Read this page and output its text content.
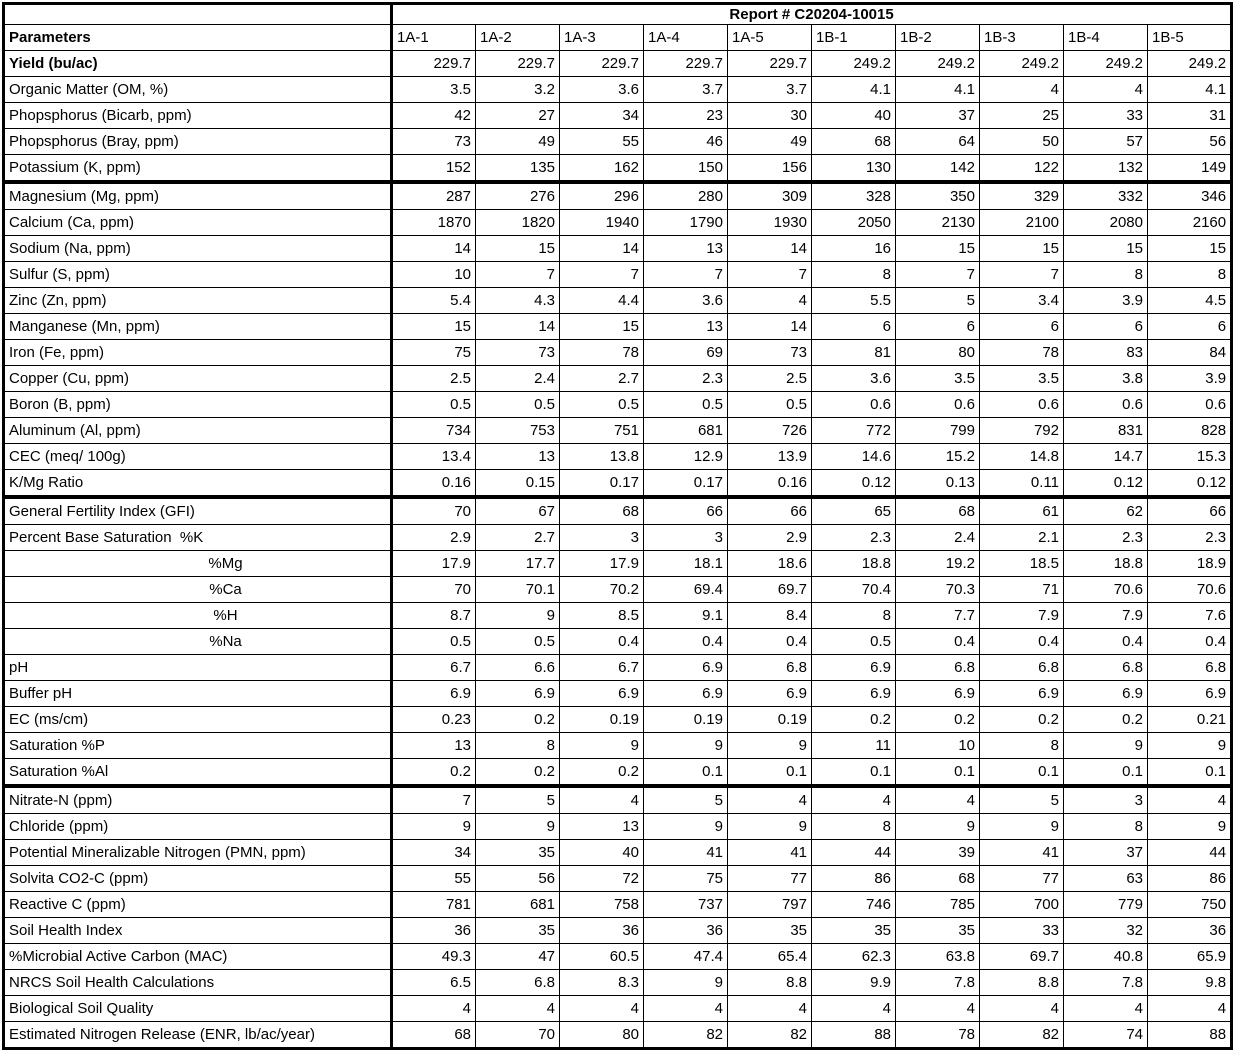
	Report # C20204-10015									
Parameters	1A-1	1A-2	1A-3	1A-4	1A-5	1B-1	1B-2	1B-3	1B-4	1B-5
Yield (bu/ac)	229.7	229.7	229.7	229.7	229.7	249.2	249.2	249.2	249.2	249.2
Organic Matter (OM, %)	3.5	3.2	3.6	3.7	3.7	4.1	4.1	4	4	4.1
Phopsphorus (Bicarb, ppm)	42	27	34	23	30	40	37	25	33	31
Phopsphorus (Bray, ppm)	73	49	55	46	49	68	64	50	57	56
Potassium (K, ppm)	152	135	162	150	156	130	142	122	132	149
Magnesium (Mg, ppm)	287	276	296	280	309	328	350	329	332	346
Calcium (Ca, ppm)	1870	1820	1940	1790	1930	2050	2130	2100	2080	2160
Sodium (Na, ppm)	14	15	14	13	14	16	15	15	15	15
Sulfur (S, ppm)	10	7	7	7	7	8	7	7	8	8
Zinc (Zn, ppm)	5.4	4.3	4.4	3.6	4	5.5	5	3.4	3.9	4.5
Manganese (Mn, ppm)	15	14	15	13	14	6	6	6	6	6
Iron (Fe, ppm)	75	73	78	69	73	81	80	78	83	84
Copper (Cu, ppm)	2.5	2.4	2.7	2.3	2.5	3.6	3.5	3.5	3.8	3.9
Boron (B, ppm)	0.5	0.5	0.5	0.5	0.5	0.6	0.6	0.6	0.6	0.6
Aluminum (Al, ppm)	734	753	751	681	726	772	799	792	831	828
CEC (meq/ 100g)	13.4	13	13.8	12.9	13.9	14.6	15.2	14.8	14.7	15.3
K/Mg Ratio	0.16	0.15	0.17	0.17	0.16	0.12	0.13	0.11	0.12	0.12
General Fertility Index (GFI)	70	67	68	66	66	65	68	61	62	66
Percent Base Saturation  %K	2.9	2.7	3	3	2.9	2.3	2.4	2.1	2.3	2.3
%Mg	17.9	17.7	17.9	18.1	18.6	18.8	19.2	18.5	18.8	18.9
%Ca	70	70.1	70.2	69.4	69.7	70.4	70.3	71	70.6	70.6
%H	8.7	9	8.5	9.1	8.4	8	7.7	7.9	7.9	7.6
%Na	0.5	0.5	0.4	0.4	0.4	0.5	0.4	0.4	0.4	0.4
pH	6.7	6.6	6.7	6.9	6.8	6.9	6.8	6.8	6.8	6.8
Buffer pH	6.9	6.9	6.9	6.9	6.9	6.9	6.9	6.9	6.9	6.9
EC (ms/cm)	0.23	0.2	0.19	0.19	0.19	0.2	0.2	0.2	0.2	0.21
Saturation %P	13	8	9	9	9	11	10	8	9	9
Saturation %Al	0.2	0.2	0.2	0.1	0.1	0.1	0.1	0.1	0.1	0.1
Nitrate-N (ppm)	7	5	4	5	4	4	4	5	3	4
Chloride (ppm)	9	9	13	9	9	8	9	9	8	9
Potential Mineralizable Nitrogen (PMN, ppm)	34	35	40	41	41	44	39	41	37	44
Solvita CO2-C (ppm)	55	56	72	75	77	86	68	77	63	86
Reactive C (ppm)	781	681	758	737	797	746	785	700	779	750
Soil Health Index	36	35	36	36	35	35	35	33	32	36
%Microbial Active Carbon (MAC)	49.3	47	60.5	47.4	65.4	62.3	63.8	69.7	40.8	65.9
NRCS Soil Health Calculations	6.5	6.8	8.3	9	8.8	9.9	7.8	8.8	7.8	9.8
Biological Soil Quality	4	4	4	4	4	4	4	4	4	4
Estimated Nitrogen Release (ENR, lb/ac/year)	68	70	80	82	82	88	78	82	74	88
